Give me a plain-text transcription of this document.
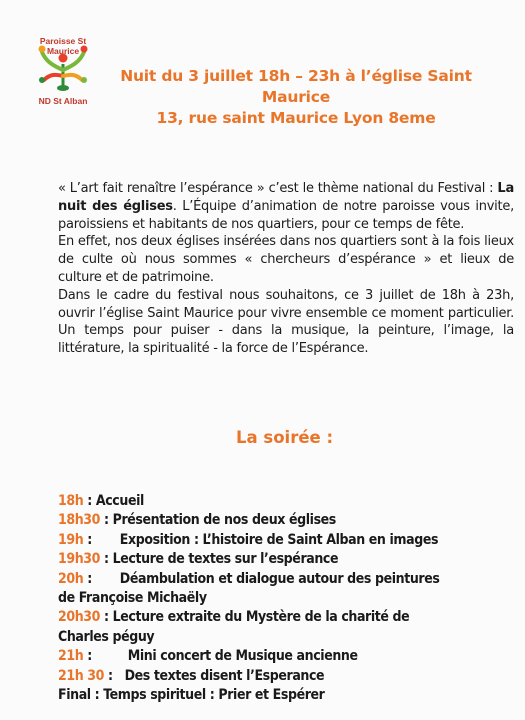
Paroisse St Maurice
ND St Alban
Nuit du 3 juillet 18h – 23h à l’église Saint
Maurice
13, rue saint Maurice Lyon 8eme

« L’art fait renaître l’espérance » c’est le thème national du Festival : La nuit des églises. L’Équipe d’animation de notre paroisse vous invite, paroissiens et habitants de nos quartiers, pour ce temps de fête.

En effet, nos deux églises insérées dans nos quartiers sont à la fois lieux de culte où nous sommes « chercheurs d’espérance » et lieux de culture et de patrimoine.

Dans le cadre du festival nous souhaitons, ce 3 juillet de 18h à 23h, ouvrir l’église Saint Maurice pour vivre ensemble ce moment particulier. Un temps pour puiser - dans la musique, la peinture, l’image, la littérature, la spiritualité - la force de l’Espérance.

La soirée :
18h : Accueil
18h30 : Présentation de nos deux églises
19h :       Exposition : L’histoire de Saint Alban en images
19h30 : Lecture de textes sur l’espérance
20h :       Déambulation et dialogue autour des peintures
de Françoise Michaëly
20h30 : Lecture extraite du Mystère de la charité de
Charles péguy
21h :         Mini concert de Musique ancienne
21h 30 :   Des textes disent l’Esperance
Final : Temps spirituel : Prier et Espérer
